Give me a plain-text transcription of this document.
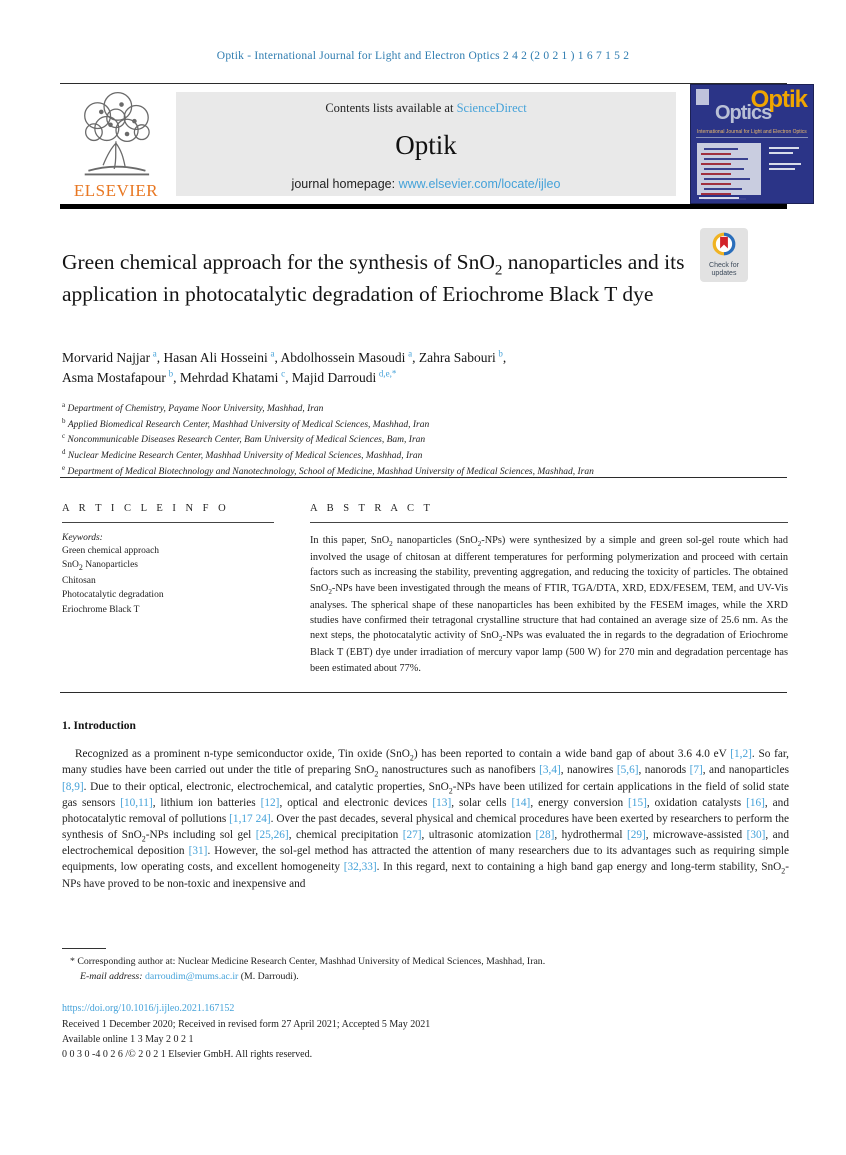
Optik - International Journal for Light and Electron Optics 2 4 2 (2 0 2 1 ) 1 6 7 1 5 2
ELSEVIER
Contents lists available at ScienceDirect
Optik
journal homepage: www.elsevier.com/locate/ijleo
Optik
Optics
International Journal for Light and Electron Optics
Check for
updates
Green chemical approach for the synthesis of SnO$_2$ nanoparticles and its application in photocatalytic degradation of Eriochrome Black T dye
Morvarid Najjar $^a$, Hasan Ali Hosseini $^a$, Abdolhossein Masoudi $^a$, Zahra Sabouri $^b$,
Asma Mostafapour $^b$, Mehrdad Khatami $^c$, Majid Darroudi $^{d,e,*}$
$^a$ Department of Chemistry, Payame Noor University, Mashhad, Iran
$^b$ Applied Biomedical Research Center, Mashhad University of Medical Sciences, Mashhad, Iran
$^c$ Noncommunicable Diseases Research Center, Bam University of Medical Sciences, Bam, Iran
$^d$ Nuclear Medicine Research Center, Mashhad University of Medical Sciences, Mashhad, Iran
$^e$ Department of Medical Biotechnology and Nanotechnology, School of Medicine, Mashhad University of Medical Sciences, Mashhad, Iran
A R T I C L E I N F O
Keywords:
Green chemical approach
SnO$_2$ Nanoparticles
Chitosan
Photocatalytic degradation
Eriochrome Black T
A B S T R A C T
In this paper, SnO$_2$ nanoparticles (SnO$_2$-NPs) were synthesized by a simple and green sol-gel route which had involved the usage of chitosan at different temperatures for performing polymerization and proceed with certain factors such as increasing the stability, preventing aggregation, and reducing the toxicity of particles. The obtained SnO$_2$-NPs have been investigated through the means of FTIR, TGA/DTA, XRD, EDX/FESEM, TEM, and UV-Vis analyses. The spherical shape of these nanoparticles has been exhibited by the FESEM images, while the XRD studies have confirmed their tetragonal crystalline structure that had contained an average size of 25.6 nm. As the next steps, the photocatalytic activity of SnO$_2$-NPs was evaluated the in regards to the degradation of Eriochrome Black T (EBT) dye under irradiation of mercury vapor lamp (500 W) for 270 min and degradation percentage has been estimated about 77%.
1. Introduction
Recognized as a prominent n-type semiconductor oxide, Tin oxide (SnO$_2$) has been reported to contain a wide band gap of about 3.6 4.0 eV [1,2]. So far, many studies have been carried out under the title of preparing SnO$_2$ nanostructures such as nanofibers [3,4], nanowires [5,6], nanorods [7], and nanoparticles [8,9]. Due to their optical, electronic, electrochemical, and catalytic properties, SnO$_2$-NPs have been utilized for certain applications in the field of solid state gas sensors [10,11], lithium ion batteries [12], optical and electronic devices [13], solar cells [14], energy conversion [15], oxidation catalysts [16], and photocatalytic removal of pollutions [1,17 24]. Over the past decades, several physical and chemical procedures have been exerted by researchers to perform the synthesis of SnO$_2$-NPs including sol gel [25,26], chemical precipitation [27], ultrasonic atomization [28], hydrothermal [29], microwave-assisted [30], and electrochemical deposition [31]. However, the sol-gel method has attracted the attention of many researchers due to its advantages such as requiring simple equipments, low operating costs, and excellent homogeneity [32,33]. In this regard, next to containing a high band gap energy and long-term stability, SnO$_2$-NPs have proved to be non-toxic and inexpensive and
* Corresponding author at: Nuclear Medicine Research Center, Mashhad University of Medical Sciences, Mashhad, Iran.
E-mail address: darroudim@mums.ac.ir (M. Darroudi).
https://doi.org/10.1016/j.ijleo.2021.167152
Received 1 December 2020; Received in revised form 27 April 2021; Accepted 5 May 2021
Available online 1 3 May 2 0 2 1
0 0 3 0 -4 0 2 6 /© 2 0 2 1 Elsevier GmbH. All rights reserved.
